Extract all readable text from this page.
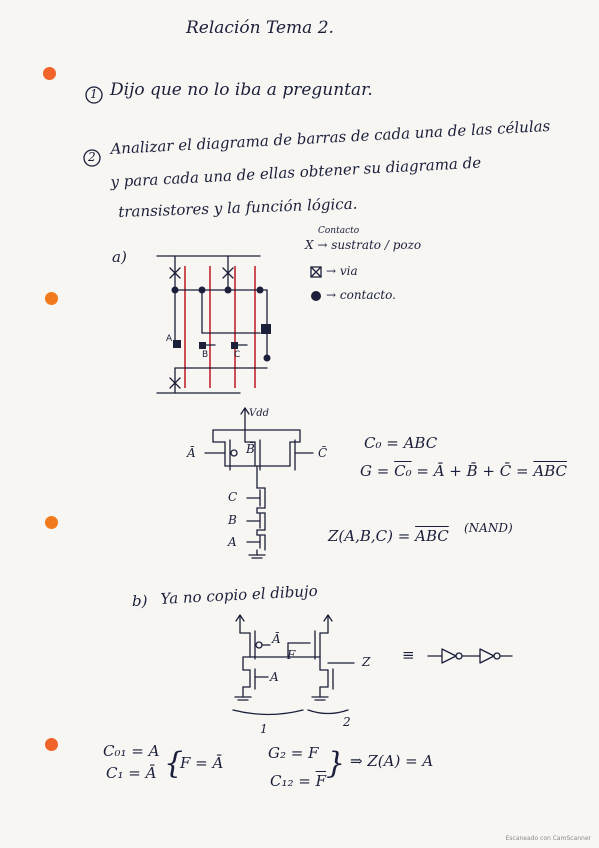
Relación Tema 2.
1 Dijo que no lo iba a preguntar.
2 Analizar el diagrama de barras de cada una de las células
y para cada una de ellas obtener su diagrama de
transistores y la función lógica.
a)
A
B	C
Contacto
X → sustrato / pozo
→ via
→ contacto.
Vdd
Ā	B̄	C̄
C
B
A
C₀ = ABC
G = C₀ = Ā + B̄ + C̄ = $\overline{ABC}$
$Z(A,B,C) = \overline{ABC}$ (NAND)
b) Ya no copio el dibujo
Ā
F
A
Z
1	2
≡
C₀₁ = A
C₁ = Ā {
F = Ā
G₂ = F
$C_{12} = \overline{F}$ } ⇒ Z(A) = A
Escaneado con CamScanner
